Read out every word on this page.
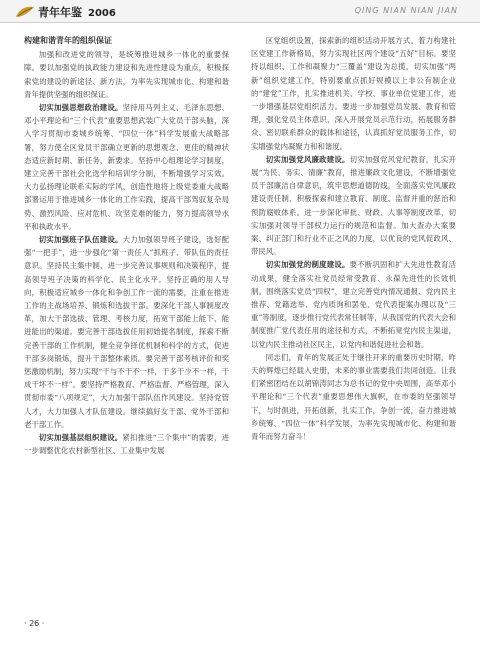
青年年鉴 2006	QING NIAN NIAN JIAN

构建和谐青年的组织保证

加强和改进党的领导，是统筹推进城乡一体化的重要保障。要以加强党的执政能力建设和先进性建设为重点，积极探索党的建设的新途径、新方法，为率先实现城市化、构建和谐青年提供坚强的组织保证。

切实加强思想政治建设。坚持用马列主义、毛泽东思想、邓小平理论和“三个代表”重要思想武装广大党员干部头脑，深入学习贯彻市委城乡统筹、“四位一体”科学发展重大战略部署，努力使全区党员干部确立更新的思想观念、更佳的精神状态适应新时期、新任务、新要求。坚持中心组理论学习制度，建立完善干部社会化选学和培训学分制，不断增强学习实效。大力弘扬理论联系实际的学风，创造性地将上级党委重大战略部署运用于推进城乡一体化的工作实践，提高干部驾驭复杂局势、激烈风险、应对危机、攻坚克难的能力，努力提高领导水平和执政水平。

切实加强班子队伍建设。大力加强领导班子建设，选好配强“一把手”，进一步强化“第一责任人”抓班子、带队伍的责任意识。坚持民主集中制，进一步完善议事规则和决策程序，提高领导班子决策的科学化、民主化水平。坚持正确的用人导向，积极适应城乡一体化和争创工作一流的需要，注重在推进工作的主战场培养、锻炼和选拔干部。要深化干部人事制度改革，加大干部选拔、管理、考核力度，拓宽干部能上能下、能进能出的渠道。要完善干部选拔任用初始提名制度，探索不断完善干部的工作机制，健全竞争择优机制和科学的方式，促进干部多岗锻炼，提升干部整体素质。要完善干部考核评价和奖惩激励机制，努力实现“干与不干不一样，干多干少不一样，干成干坏不一样”。要坚持严格教育、严格监督、严格管理，深入贯彻市委“八项规定”，大力加强干部队伍作风建设。坚持党管人才，大力加强人才队伍建设。继续搞好女干部、党外干部和老干部工作。

切实加强基层组织建设。紧扣推进“三个集中”的需要，进一步调整优化农村新型社区、工业集中发展

区党组织设置，探索新的组织活动开展方式。着力构建社区党建工作新格局，努力实现社区两个建设“五好”目标。要坚持以组织、工作和凝聚力“三覆盖”建设为总揽，切实加强“两新”组织党建工作，特别要重点抓好规模以上非公有制企业的“建党”工作，扎实推进机关、学校、事业单位党建工作，进一步增强基层党组织活力。要进一步加强党员发展、教育和管理，强化党员主体意识，深入开展党员示范行动，拓展服务群众、密切联系群众的载体和途径，认真抓好党员服务工作，切实增强党内凝聚力和和谐度。

切实加强党风廉政建设。切实加强党风党纪教育，扎实开展“为民、务实、清廉”教育，推进廉政文化建设，不断增强党员干部廉洁自律意识，筑牢思想道德防线，全面落实党风廉政建设责任制，积极探索和建立教育、制度、监督并重的惩治和预防腐败体系。进一步深化审批、财政、人事等制度改革，切实加强对领导干部权力运行的规范和监督。加大查办大案要案、纠正部门和行业不正之风的力度，以优良的党风促政风、带民风。

切实加强党的制度建设。要不断巩固和扩大先进性教育活动成果，健全落实社党员经常受教育、永葆先进性的长效机制。围绕落实党员“四权”，建立完善党内情况通报、党内民主推荐、党籍选举、党内质询和罢免、党代表提案办理以及“三重”等制度，逐步推行党代表常任制等，从我国党的代表大会和制度推广党代表任用的途径和方式，不断拓宽党内民主渠道，以党内民主推动社区民主，以党内和谐促进社会和谐。

同志们，青年的发展正处于继往开来的重要历史时期，昨天的辉煌已经载入史册，未来的事业需要我们共同创造。让我们紧密团结在以胡锦涛同志为总书记的党中央周围，高举邓小平理论和“三个代表”重要思想伟大旗帜，在市委的坚强领导下，与时俱进，开拓创新，扎实工作，争创一流，奋力推进城乡统筹、“四位一体”科学发展，为率先实现城市化、构建和谐青年而努力奋斗！

· 26 ·
